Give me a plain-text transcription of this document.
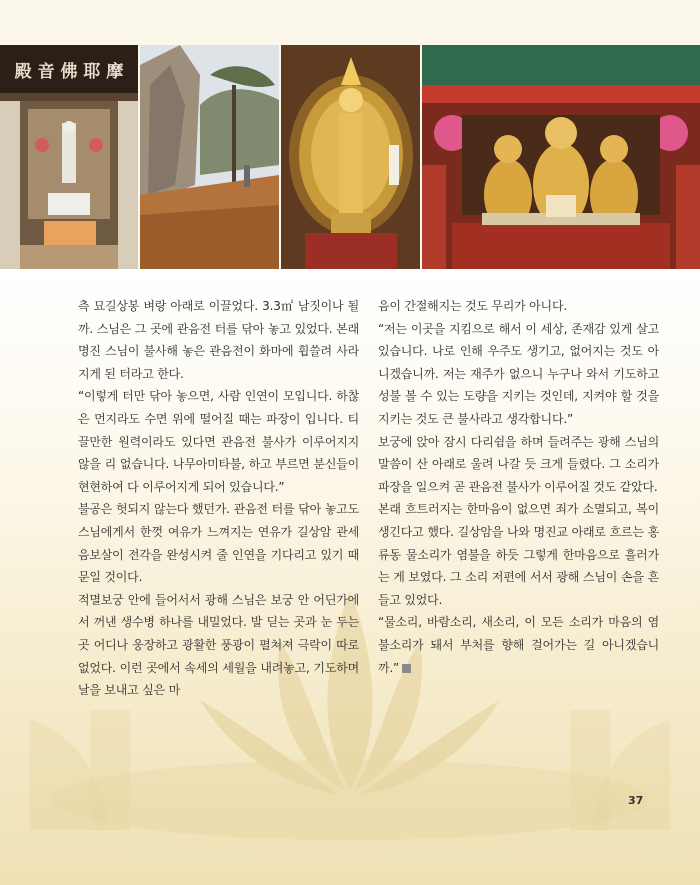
殿 音 佛 耶 摩

측 묘길상봉 벼랑 아래로 이끌었다. 3.3㎡ 남짓이나 될까. 스님은 그 곳에 관음전 터를 닦아 놓고 있었다. 본래 명진 스님이 불사해 놓은 관음전이 화마에 휩쓸려 사라지게 된 터라고 한다.

“이렇게 터만 닦아 놓으면, 사람 인연이 모입니다. 하찮은 먼지라도 수면 위에 떨어질 때는 파장이 입니다. 티끌만한 원력이라도 있다면 관음전 불사가 이루어지지 않을 리 없습니다. 나무아미타불, 하고 부르면 분신들이 현현하여 다 이루어지게 되어 있습니다.”

불공은 헛되지 않는다 했던가. 관음전 터를 닦아 놓고도 스님에게서 한껏 여유가 느껴지는 연유가 길상암 관세음보살이 전각을 완성시켜 줄 인연을 기다리고 있기 때문일 것이다.

적멸보궁 안에 들어서서 광해 스님은 보궁 안 어딘가에서 꺼낸 생수병 하나를 내밀었다. 발 딛는 곳과 눈 두는 곳 어디나 웅장하고 광활한 풍광이 펼쳐져 극락이 따로 없었다. 이런 곳에서 속세의 세월을 내려놓고, 기도하며 날을 보내고 싶은 마

음이 간절해지는 것도 무리가 아니다.

“저는 이곳을 지킴으로 해서 이 세상, 존재감 있게 살고 있습니다. 나로 인해 우주도 생기고, 없어지는 것도 아니겠습니까. 저는 재주가 없으니 누구나 와서 기도하고 성불 볼 수 있는 도량을 지키는 것인데, 지켜야 할 것을 지키는 것도 큰 불사라고 생각합니다.”

보궁에 앉아 잠시 다리쉼을 하며 들려주는 광해 스님의 말씀이 산 아래로 울려 나갈 듯 크게 들렸다. 그 소리가 파장을 일으켜 곧 관음전 불사가 이루어질 것도 같았다.

본래 흐트러지는 한마음이 없으면 죄가 소멸되고, 복이 생긴다고 했다. 길상암을 나와 명진교 아래로 흐르는 홍류동 물소리가 염불을 하듯 그렇게 한마음으로 흘러가는 게 보였다. 그 소리 저편에 서서 광해 스님이 손을 흔들고 있었다.

“물소리, 바람소리, 새소리, 이 모든 소리가 마음의 염불소리가 돼서 부처를 향해 걸어가는 길 아니겠습니까.”

37
